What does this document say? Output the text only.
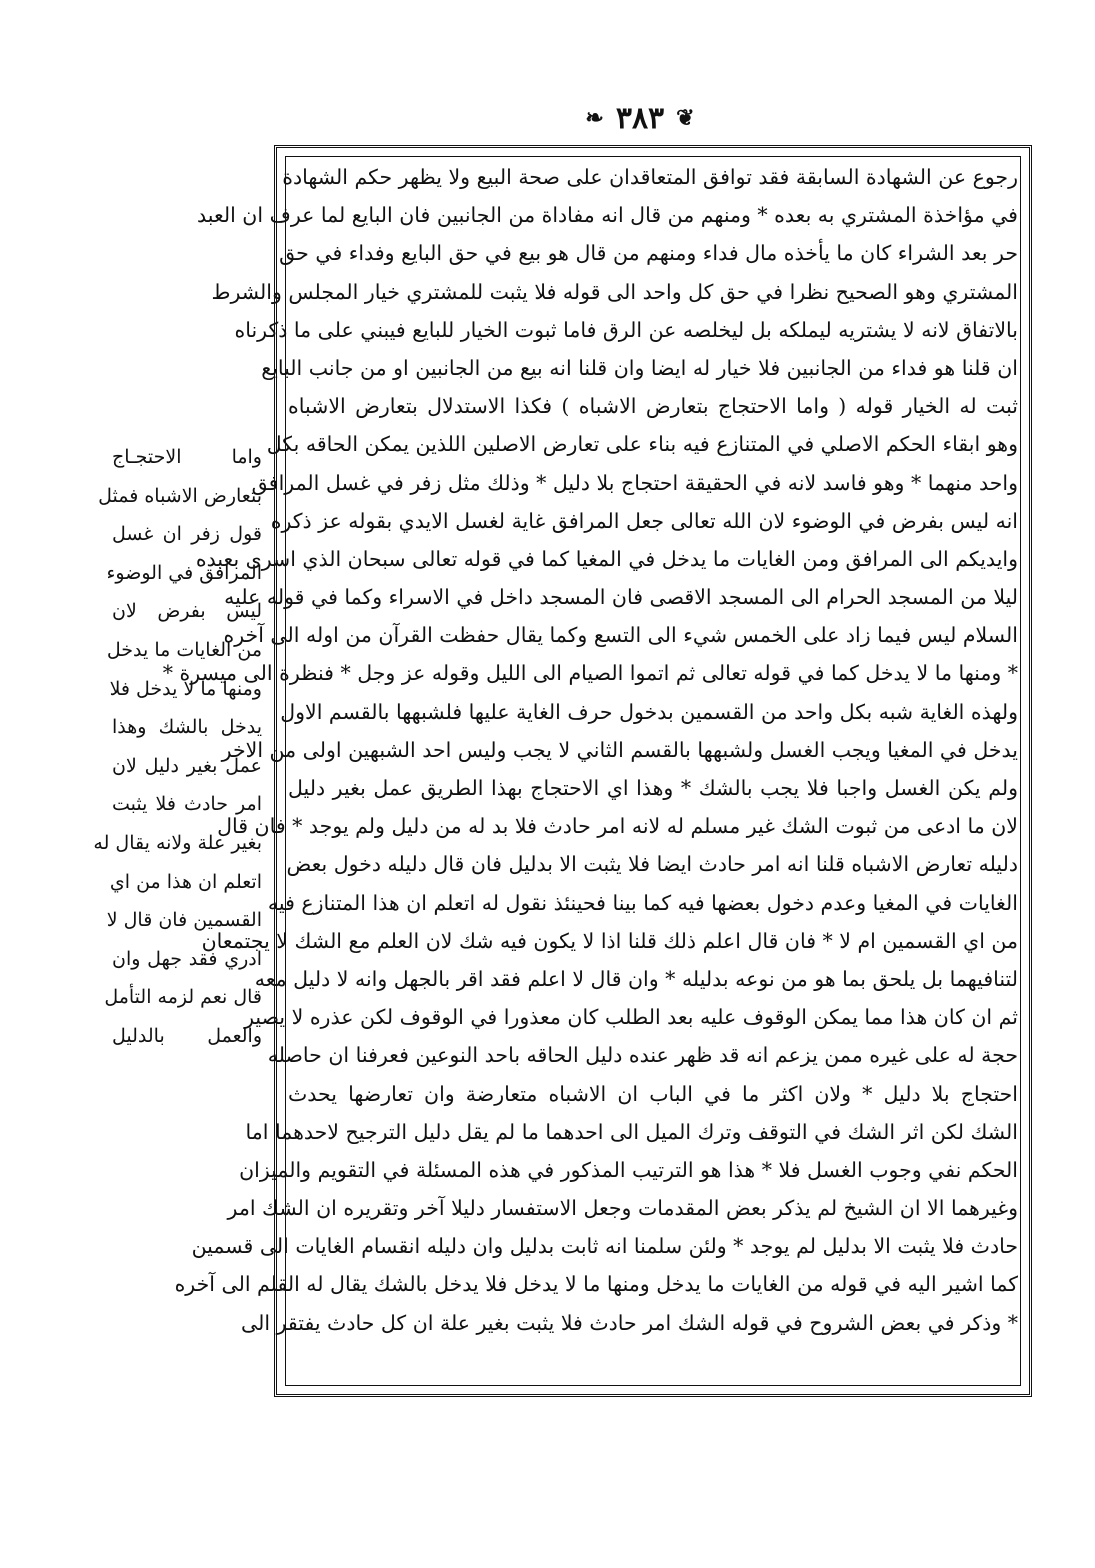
❦
٣٨٣
❧
رجوع عن الشهادة السابقة فقد توافق المتعاقدان على صحة البيع ولا يظهر حكم الشهادة
في مؤاخذة المشتري به بعده * ومنهم من قال انه مفاداة من الجانبين فان البايع لما عرف ان العبد
حر بعد الشراء كان ما يأخذه مال فداء ومنهم من قال هو بيع في حق البايع وفداء في حق
المشتري وهو الصحيح نظرا في حق كل واحد الى قوله فلا يثبت للمشتري خيار المجلس والشرط
بالاتفاق لانه لا يشتريه ليملكه بل ليخلصه عن الرق فاما ثبوت الخيار للبايع فيبني على ما ذكرناه
ان قلنا هو فداء من الجانبين فلا خيار له ايضا وان قلنا انه بيع من الجانبين او من جانب البايع
ثبت له الخيار قوله ( واما الاحتجاج بتعارض الاشباه ) فكذا الاستدلال بتعارض الاشباه
وهو ابقاء الحكم الاصلي في المتنازع فيه بناء على تعارض الاصلين اللذين يمكن الحاقه بكل
واحد منهما * وهو فاسد لانه في الحقيقة احتجاج بلا دليل * وذلك مثل زفر في غسل المرافق
انه ليس بفرض في الوضوء لان الله تعالى جعل المرافق غاية لغسل الايدي بقوله عز ذكره
وايديكم الى المرافق ومن الغايات ما يدخل في المغيا كما في قوله تعالى سبحان الذي اسرى بعبده
ليلا من المسجد الحرام الى المسجد الاقصى فان المسجد داخل في الاسراء وكما في قوله عليه
السلام ليس فيما زاد على الخمس شيء الى التسع وكما يقال حفظت القرآن من اوله الى آخره
* ومنها ما لا يدخل كما في قوله تعالى ثم اتموا الصيام الى الليل وقوله عز وجل * فنظرة الى ميسرة *
ولهذه الغاية شبه بكل واحد من القسمين بدخول حرف الغاية عليها فلشبهها بالقسم الاول
يدخل في المغيا ويجب الغسل ولشبهها بالقسم الثاني لا يجب وليس احد الشبهين اولى من الاخر
ولم يكن الغسل واجبا فلا يجب بالشك * وهذا اي الاحتجاج بهذا الطريق عمل بغير دليل
لان ما ادعى من ثبوت الشك غير مسلم له لانه امر حادث فلا بد له من دليل ولم يوجد * فان قال
دليله تعارض الاشباه قلنا انه امر حادث ايضا فلا يثبت الا بدليل فان قال دليله دخول بعض
الغايات في المغيا وعدم دخول بعضها فيه كما بينا فحينئذ نقول له اتعلم ان هذا المتنازع فيه
من اي القسمين ام لا * فان قال اعلم ذلك قلنا اذا لا يكون فيه شك لان العلم مع الشك لا يجتمعان
لتنافيهما بل يلحق بما هو من نوعه بدليله * وان قال لا اعلم فقد اقر بالجهل وانه لا دليل معه
ثم ان كان هذا مما يمكن الوقوف عليه بعد الطلب كان معذورا في الوقوف لكن عذره لا يصير
حجة له على غيره ممن يزعم انه قد ظهر عنده دليل الحاقه باحد النوعين فعرفنا ان حاصله
احتجاج بلا دليل * ولان اكثر ما في الباب ان الاشباه متعارضة وان تعارضها يحدث
الشك لكن اثر الشك في التوقف وترك الميل الى احدهما ما لم يقل دليل الترجيح لاحدهما اما
الحكم نفي وجوب الغسل فلا * هذا هو الترتيب المذكور في هذه المسئلة في التقويم والميزان
وغيرهما الا ان الشيخ لم يذكر بعض المقدمات وجعل الاستفسار دليلا آخر وتقريره ان الشك امر
حادث فلا يثبت الا بدليل لم يوجد * ولئن سلمنا انه ثابت بدليل وان دليله انقسام الغايات الى قسمين
كما اشير اليه في قوله من الغايات ما يدخل ومنها ما لا يدخل فلا يدخل بالشك يقال له القلم الى آخره
* وذكر في بعض الشروح في قوله الشك امر حادث فلا يثبت بغير علة ان كل حادث يفتقر الى
واما الاحتجـاج
بتعارض الاشباه فمثل
قول زفر ان غسل
المرافق في الوضوء
ليس بفرض لان
من الغايات ما يدخل
ومنها ما لا يدخل فلا
يدخل بالشك وهذا
عمل بغير دليل لان
امر حادث فلا يثبت
بغير علة ولانه يقال له
اتعلم ان هذا من اي
القسمين فان قال لا
ادري فقد جهل وان
قال نعم لزمه التأمل
والعمل بالدليل
